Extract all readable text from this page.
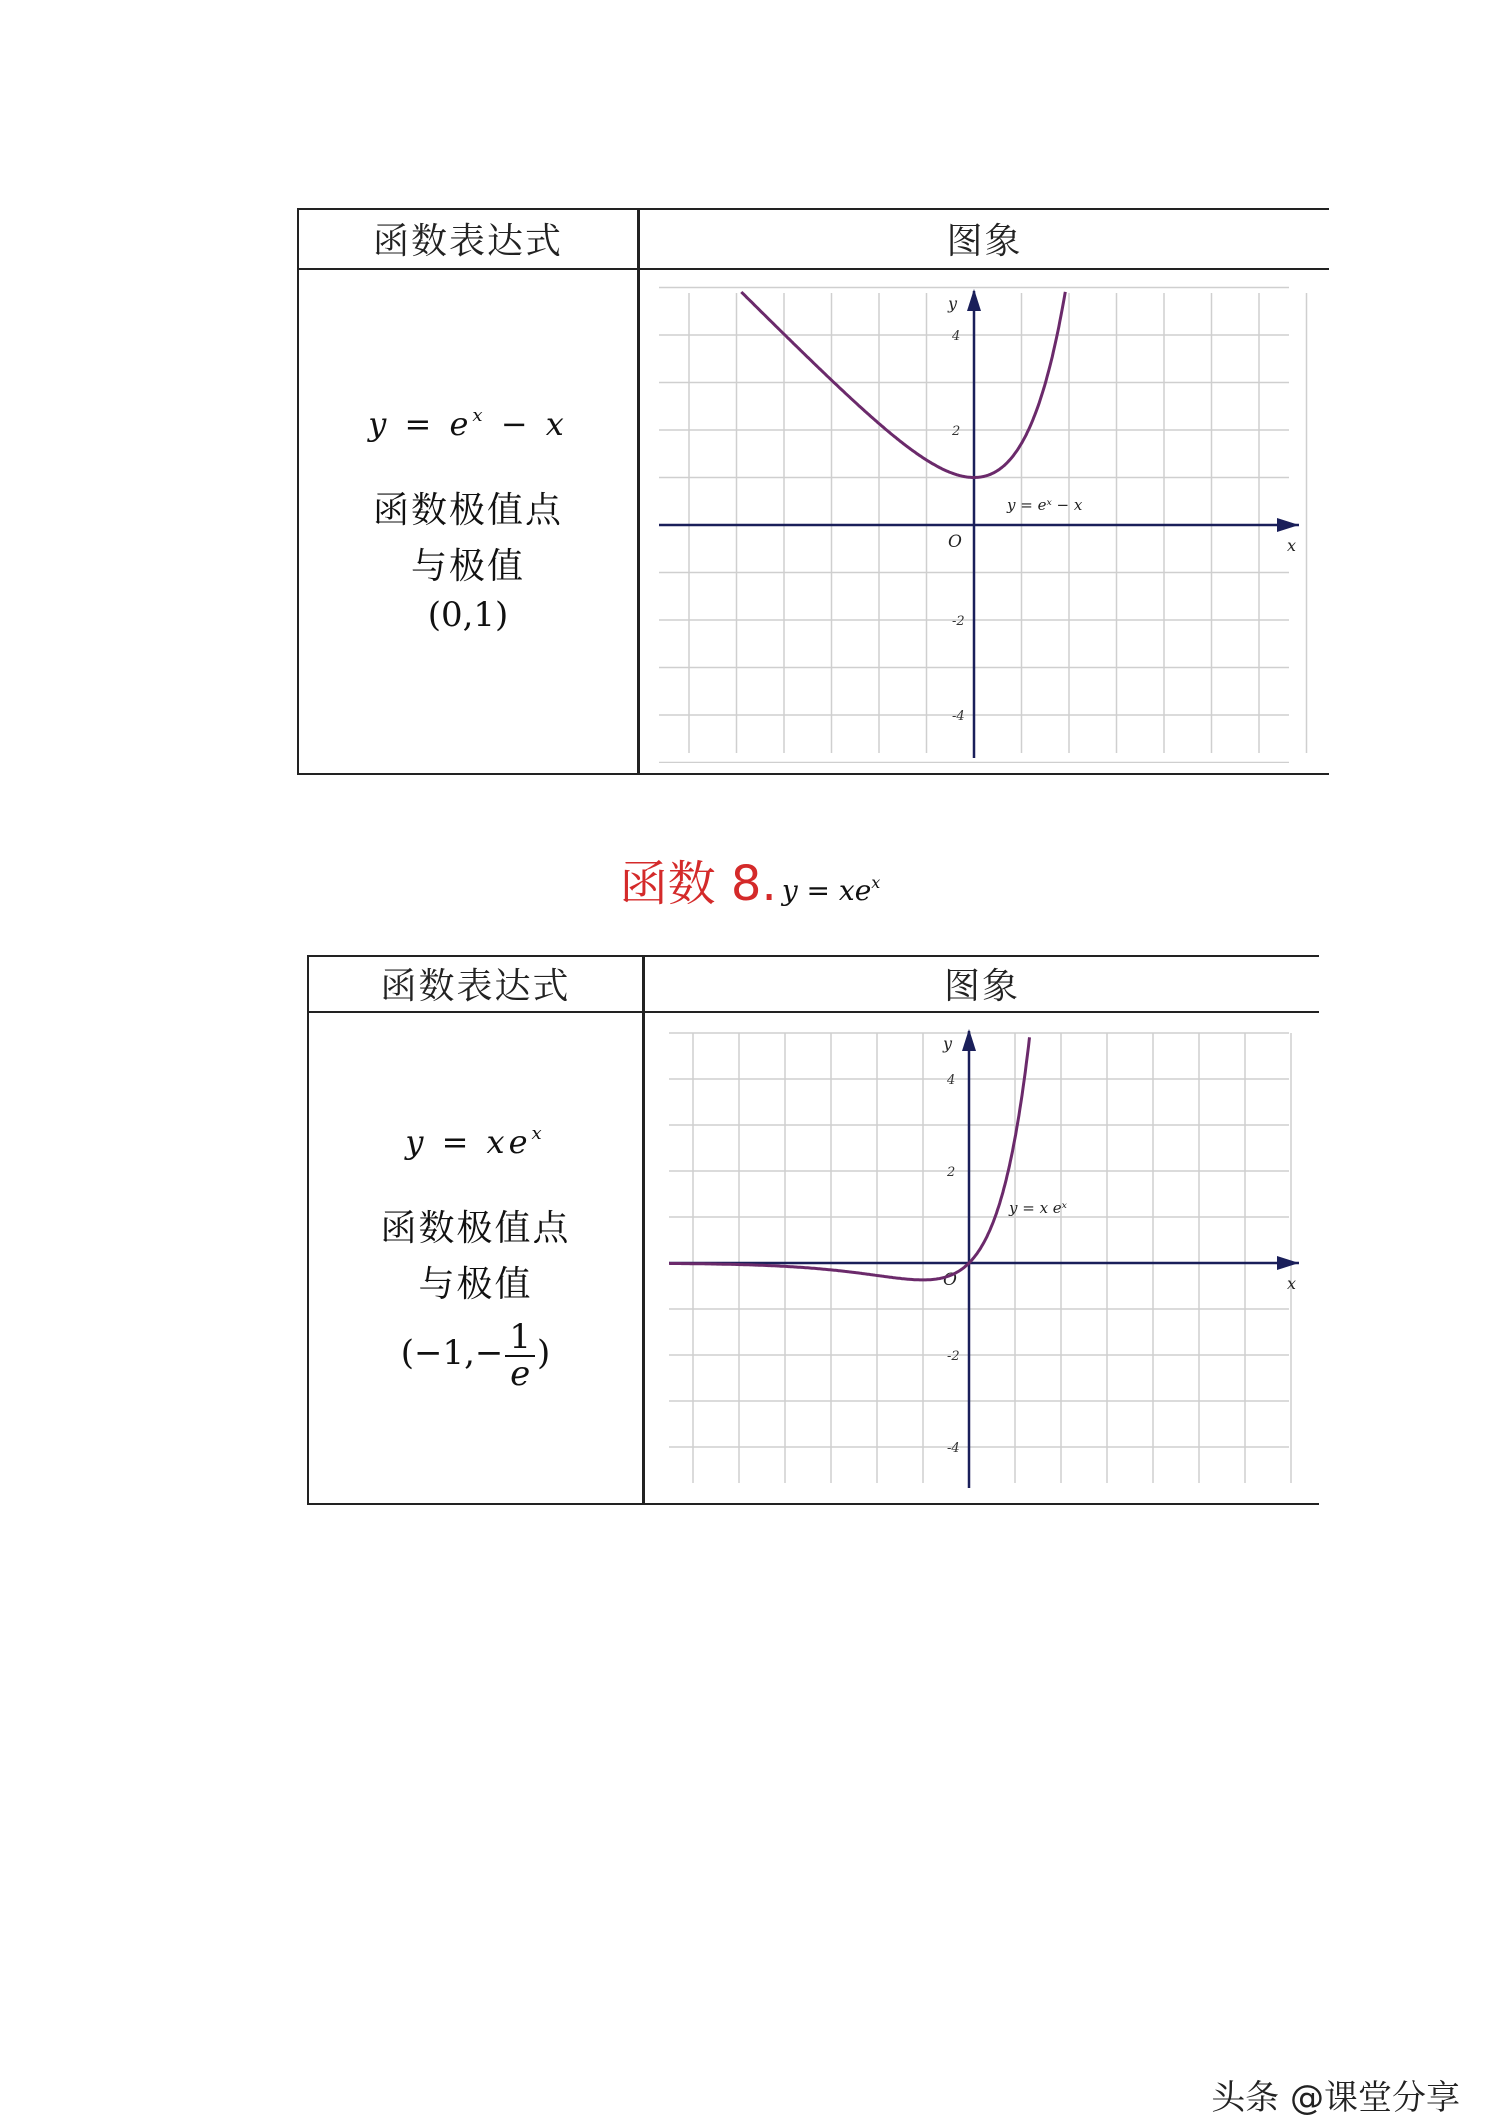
函数表达式	图象
$y = e^x - x$
函数极值点
与极值
(0,1)
2
-2
-4
4
x
y
O
y = eˣ − x
函数 8. $y = xe^x$
函数表达式	图象
$y = xe^x$
函数极值点
与极值
($-1,- \frac{1}{e}$ )
2
-2
-4
4
x
y
O
y = x eˣ
头条 @课堂分享
